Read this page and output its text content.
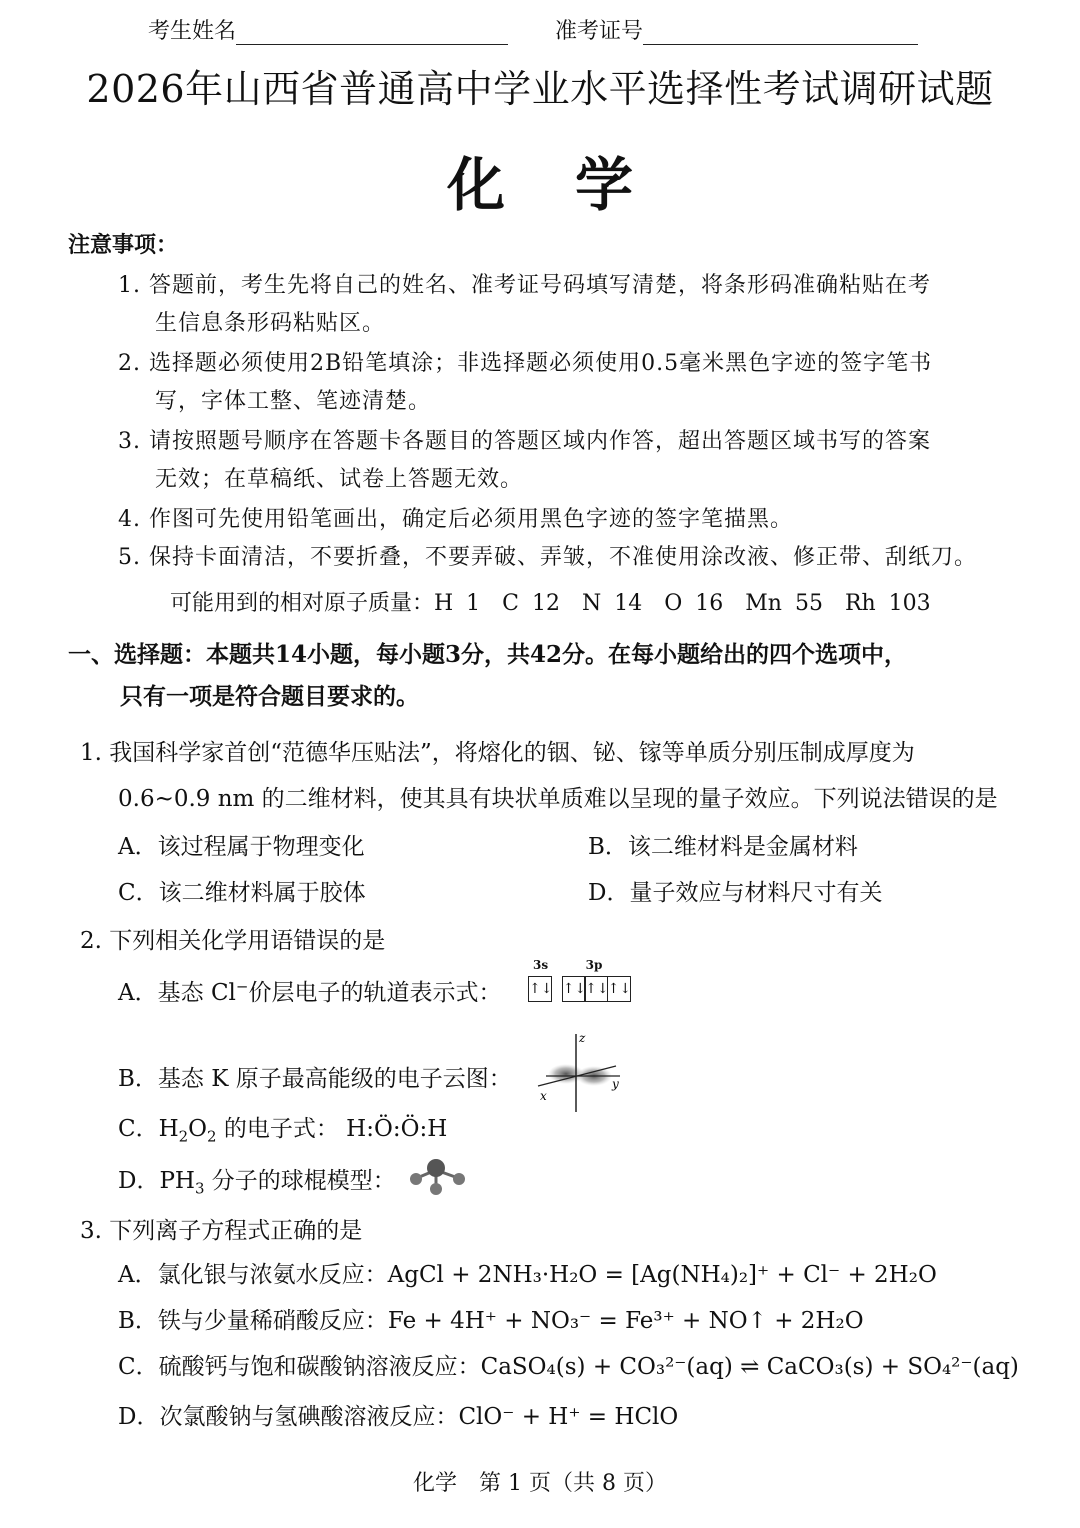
考生姓名	准考证号
2026年山西省普通高中学业水平选择性考试调研试题
化学
注意事项：
1. 答题前，考生先将自己的姓名、准考证号码填写清楚，将条形码准确粘贴在考
生信息条形码粘贴区。
2. 选择题必须使用2B铅笔填涂；非选择题必须使用0.5毫米黑色字迹的签字笔书
写，字体工整、笔迹清楚。
3. 请按照题号顺序在答题卡各题目的答题区域内作答，超出答题区域书写的答案
无效；在草稿纸、试卷上答题无效。
4. 作图可先使用铅笔画出，确定后必须用黑色字迹的签字笔描黑。
5. 保持卡面清洁，不要折叠，不要弄破、弄皱，不准使用涂改液、修正带、刮纸刀。
可能用到的相对原子质量：H 1　C 12　N 14　O 16　Mn 55　Rh 103
一、选择题：本题共14小题，每小题3分，共42分。在每小题给出的四个选项中，
只有一项是符合题目要求的。
1. 我国科学家首创“范德华压贴法”，将熔化的铟、铋、镓等单质分别压制成厚度为
0.6~0.9 nm 的二维材料，使其具有块状单质难以呈现的量子效应。下列说法错误的是
A．该过程属于物理变化	B．该二维材料是金属材料
C．该二维材料属于胶体	D．量子效应与材料尺寸有关
2. 下列相关化学用语错误的是
A．基态 Cl−价层电子的轨道表示式：
3s
↑↓
3p
↑↓↑↓↑↓
B．基态 K 原子最高能级的电子云图：
z
y
x
C．$H_2O_2$ 的电子式： H:Ö:Ö:H
D．$PH_3$ 分子的球棍模型：
3. 下列离子方程式正确的是
A．氯化银与浓氨水反应：AgCl + 2NH₃·H₂O = [Ag(NH₄)₂]⁺ + Cl⁻ + 2H₂O
B．铁与少量稀硝酸反应：Fe + 4H⁺ + NO₃⁻ = Fe³⁺ + NO↑ + 2H₂O
C．硫酸钙与饱和碳酸钠溶液反应：CaSO₄(s) + CO₃²⁻(aq) ⇌ CaCO₃(s) + SO₄²⁻(aq)
D．次氯酸钠与氢碘酸溶液反应：ClO⁻ + H⁺ = HClO
化学　第 1 页（共 8 页）
